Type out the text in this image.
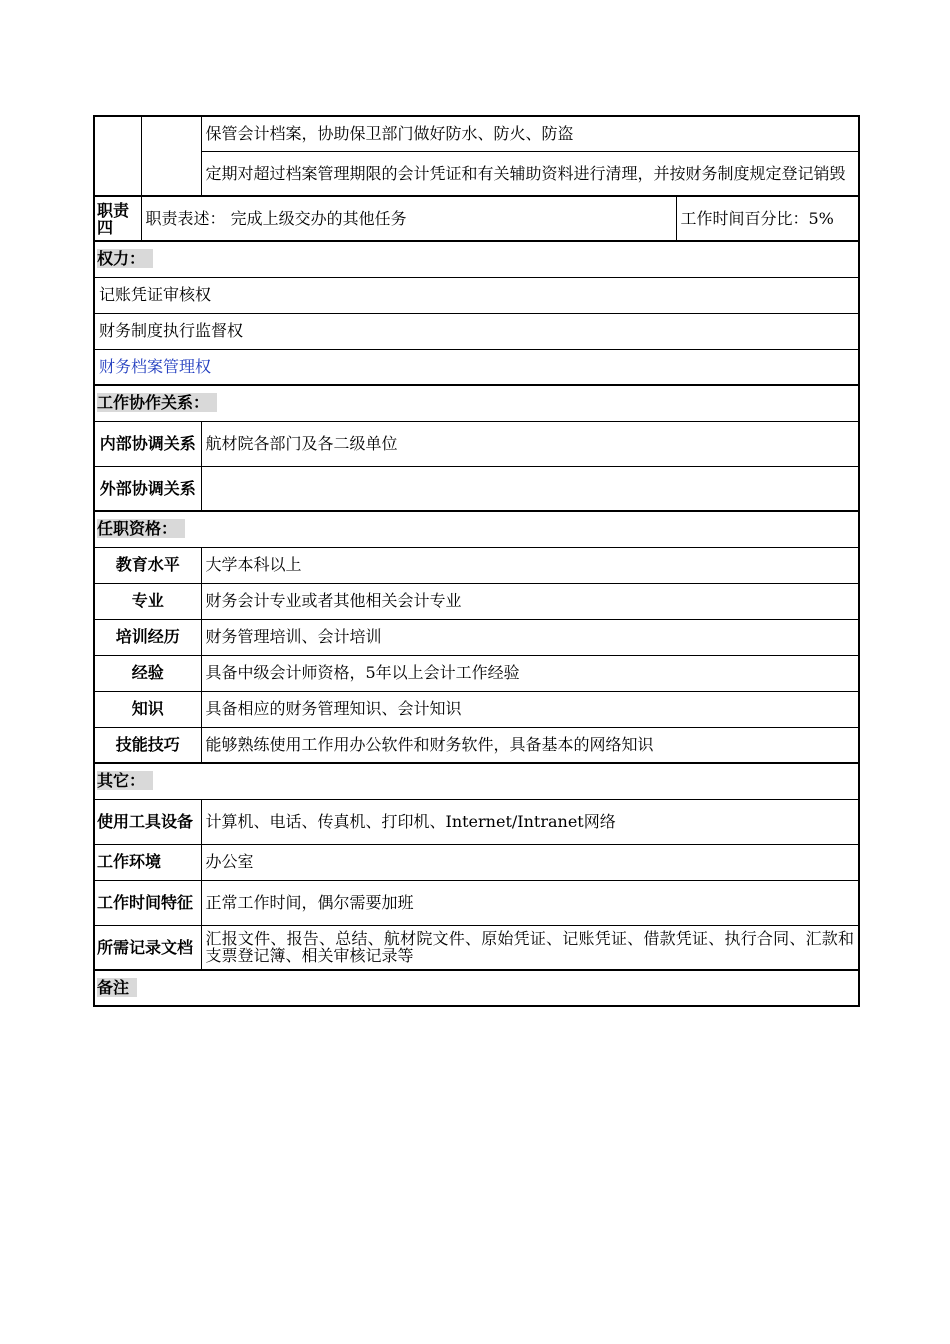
		保管会计档案，协助保卫部门做好防水、防火、防盗	
		定期对超过档案管理期限的会计凭证和有关辅助资料进行清理，并按财务制度规定登记销毁	
职责四	职责表述： 完成上级交办的其他任务		工作时间百分比：5%
权力：			
记账凭证审核权			
财务制度执行监督权			
财务档案管理权			
工作协作关系：			
内部协调关系		航材院各部门及各二级单位	
外部协调关系			
任职资格：			
教育水平		大学本科以上	
专业		财务会计专业或者其他相关会计专业	
培训经历		财务管理培训、会计培训	
经验		具备中级会计师资格，5年以上会计工作经验	
知识		具备相应的财务管理知识、会计知识	
技能技巧		能够熟练使用工作用办公软件和财务软件，具备基本的网络知识	
其它：			
使用工具设备		计算机、电话、传真机、打印机、Internet/Intranet网络	
工作环境		办公室	
工作时间特征		正常工作时间，偶尔需要加班	
所需记录文档		汇报文件、报告、总结、航材院文件、原始凭证、记账凭证、借款凭证、执行合同、汇款和支票登记簿、相关审核记录等	
备注			
